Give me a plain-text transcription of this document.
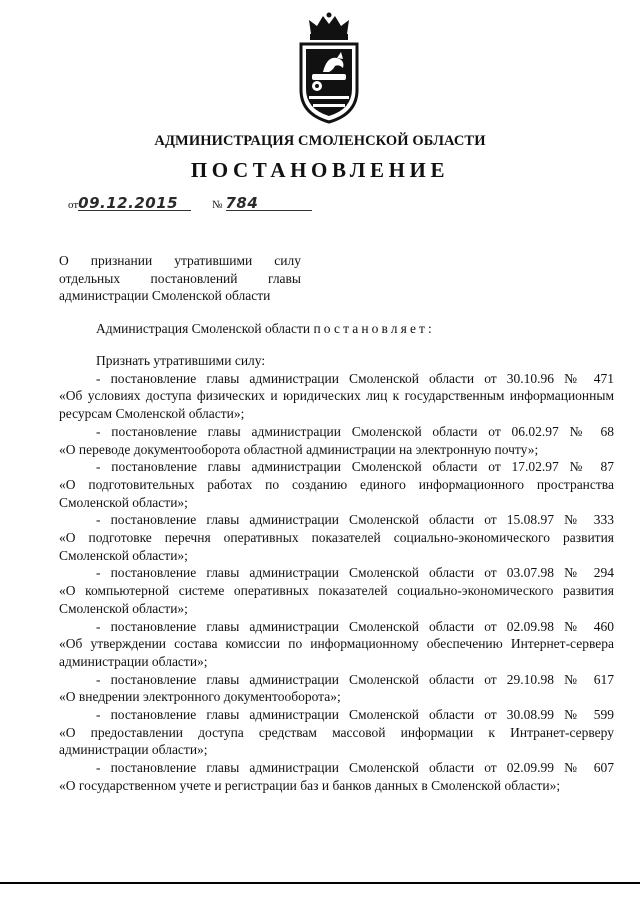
АДМИНИСТРАЦИЯ СМОЛЕНСКОЙ ОБЛАСТИ
ПОСТАНОВЛЕНИЕ
от09.12.2015	№ 784
О признании утратившими силу
отдельных постановлений главы
администрации Смоленской области
Администрация Смоленской области постановляет:

Признать утратившими силу:

- постановление главы администрации Смоленской области от 30.10.96 № 471
«Об условиях доступа физических и юридических лиц к государственным информационным ресурсам Смоленской области»;

- постановление главы администрации Смоленской области от 06.02.97 № 68
«О переводе документооборота областной администрации на электронную почту»;

- постановление главы администрации Смоленской области от 17.02.97 № 87
«О подготовительных работах по созданию единого информационного пространства Смоленской области»;

- постановление главы администрации Смоленской области от 15.08.97 № 333
«О подготовке перечня оперативных показателей социально-экономического развития Смоленской области»;

- постановление главы администрации Смоленской области от 03.07.98 № 294
«О компьютерной системе оперативных показателей социально-экономического развития Смоленской области»;

- постановление главы администрации Смоленской области от 02.09.98 № 460
«Об утверждении состава комиссии по информационному обеспечению Интернет-сервера администрации области»;

- постановление главы администрации Смоленской области от 29.10.98 № 617
«О внедрении электронного документооборота»;

- постановление главы администрации Смоленской области от 30.08.99 № 599
«О предоставлении доступа средствам массовой информации к Интранет-серверу администрации области»;

- постановление главы администрации Смоленской области от 02.09.99 № 607
«О государственном учете и регистрации баз и банков данных в Смоленской области»;
